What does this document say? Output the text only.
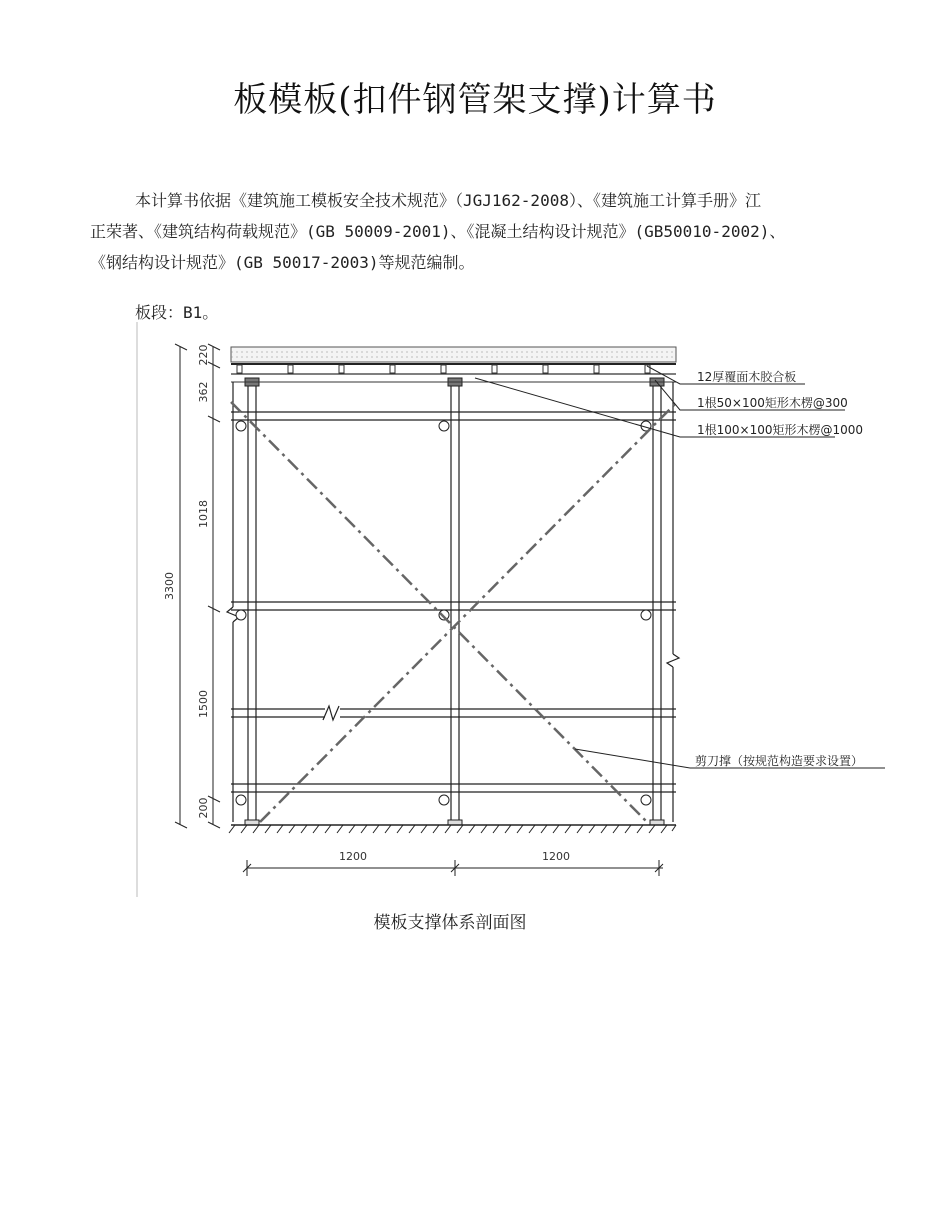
板模板(扣件钢管架支撑)计算书
本计算书依据《建筑施工模板安全技术规范》（JGJ162-2008）、《建筑施工计算手册》江
正荣著、《建筑结构荷载规范》(GB 50009-2001)、《混凝土结构设计规范》(GB50010-2002)、
《钢结构设计规范》(GB 50017-2003)等规范编制。
板段：B1。
3300
220
362
1018
1500
200
1200	1200
12厚覆面木胶合板
1根50×100矩形木楞@300
1根100×100矩形木楞@1000
剪刀撑（按规范构造要求设置）
模板支撑体系剖面图
